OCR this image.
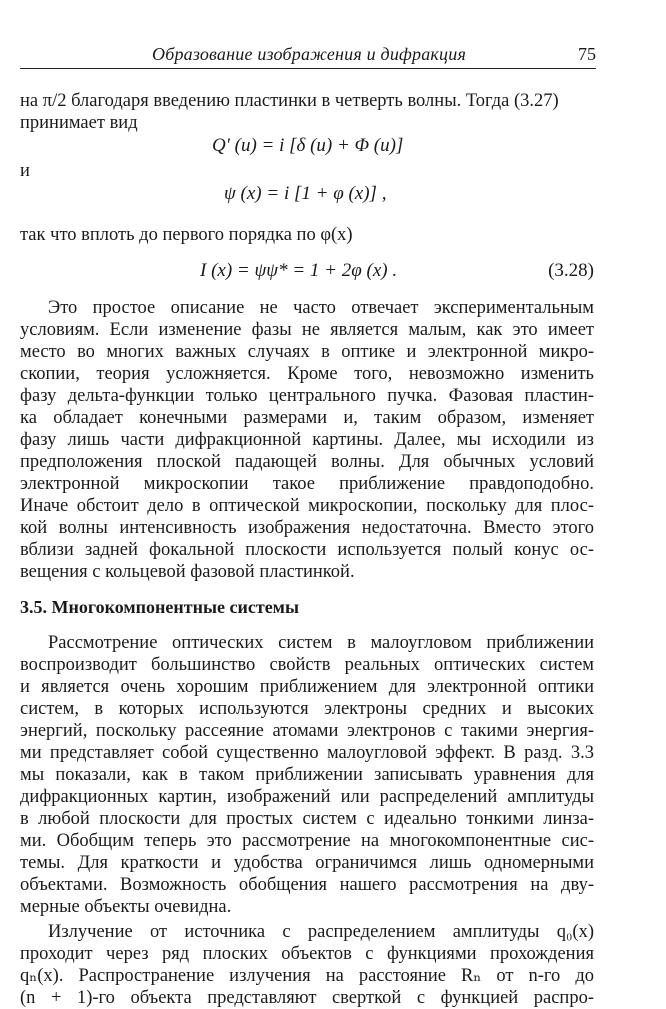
Образование изображения и дифракция	75
на π/2 благодаря введению пластинки в четверть волны. Тогда (3.27)
принимает вид
Q′ (u) = i [δ (u) + Φ (u)]
и
ψ (x) = i [1 + φ (x)] ,
так что вплоть до первого порядка по φ(x)
I (x) = ψψ* = 1 + 2φ (x) .	(3.28)
Это простое описание не часто отвечает экспериментальным
условиям. Если изменение фазы не является малым, как это имеет
место во многих важных случаях в оптике и электронной микро-
скопии, теория усложняется. Кроме того, невозможно изменить
фазу дельта-функции только центрального пучка. Фазовая пластин-
ка обладает конечными размерами и, таким образом, изменяет
фазу лишь части дифракционной картины. Далее, мы исходили из
предположения плоской падающей волны. Для обычных условий
электронной микроскопии такое приближение правдоподобно.
Иначе обстоит дело в оптической микроскопии, поскольку для плос-
кой волны интенсивность изображения недостаточна. Вместо этого
вблизи задней фокальной плоскости используется полый конус ос-
вещения с кольцевой фазовой пластинкой.
3.5. Многокомпонентные системы
Рассмотрение оптических систем в малоугловом приближении
воспроизводит большинство свойств реальных оптических систем
и является очень хорошим приближением для электронной оптики
систем, в которых используются электроны средних и высоких
энергий, поскольку рассеяние атомами электронов с такими энергия-
ми представляет собой существенно малоугловой эффект. В разд. 3.3
мы показали, как в таком приближении записывать уравнения для
дифракционных картин, изображений или распределений амплитуды
в любой плоскости для простых систем с идеально тонкими линза-
ми. Обобщим теперь это рассмотрение на многокомпонентные сис-
темы. Для краткости и удобства ограничимся лишь одномерными
объектами. Возможность обобщения нашего рассмотрения на дву-
мерные объекты очевидна.
Излучение от источника с распределением амплитуды q₀(x)
проходит через ряд плоских объектов с функциями прохождения
qₙ(x). Распространение излучения на расстояние Rₙ от n-го до
(n + 1)-го объекта представляют сверткой с функцией распро-
